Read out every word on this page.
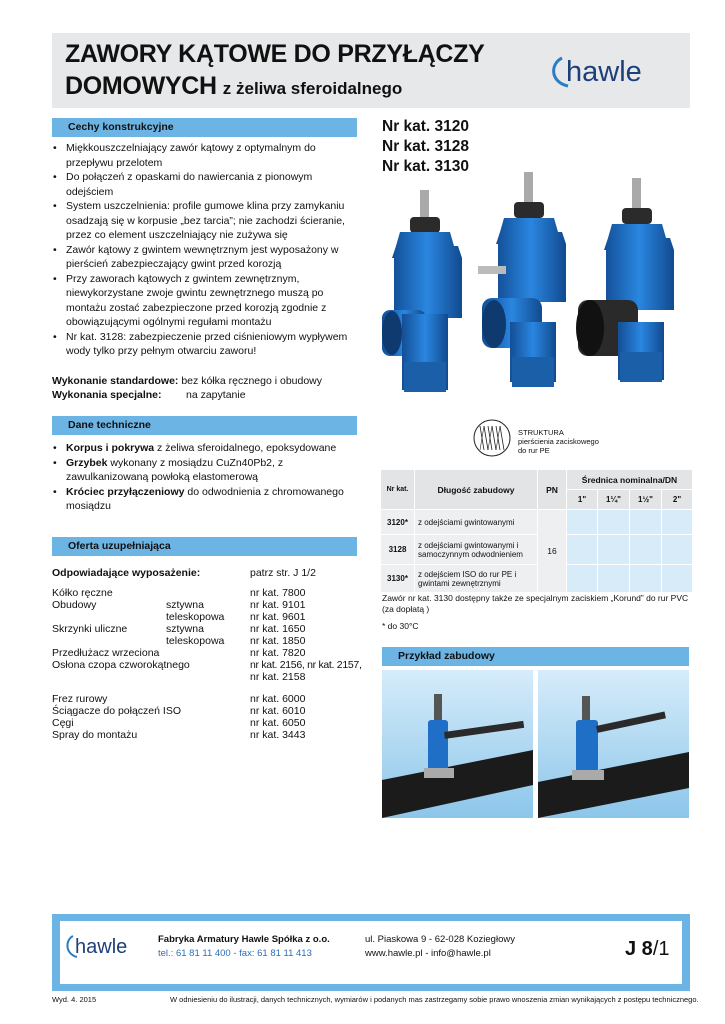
ZAWORY KĄTOWE DO PRZYŁĄCZY
DOMOWYCH z żeliwa sferoidalnego
hawle
Nr kat. 3120
Nr kat. 3128
Nr kat. 3130
Cechy konstrukcyjne
• Miękkouszczelniający zawór kątowy z optymalnym do przepływu przelotem
• Do połączeń z opaskami do nawiercania z pionowym odejściem
• System uszczelnienia: profile gumowe klina przy zamykaniu osadzają się w korpusie „bez tarcia”; nie zachodzi ścieranie, przez co element uszczelniający nie zużywa się
• Zawór kątowy z gwintem wewnętrznym jest wyposażony w pierścień zabezpieczający gwint przed korozją
• Przy zaworach kątowych z gwintem zewnętrznym, niewykorzystane zwoje gwintu zewnętrznego muszą po montażu zostać zabezpieczone przed korozją zgodnie z obowiązującymi ogólnymi regułami montażu
• Nr kat. 3128: zabezpieczenie przed ciśnieniowym wypływem wody tylko przy pełnym otwarciu zaworu!
Wykonanie standardowe: bez kółka ręcznego i obudowy
Wykonania specjalne: na zapytanie
Dane techniczne
• Korpus i pokrywa z żeliwa sferoidalnego, epoksydowane
• Grzybek wykonany z mosiądzu CuZn40Pb2, z zawulkanizowaną powłoką elastomerową
• Króciec przyłączeniowy do odwodnienia z chromowanego mosiądzu
Oferta uzupełniająca
Odpowiadające wyposażenie:	patrz str. J 1/2
Kółko ręczne	nr kat. 7800
Obudowy	sztywna	nr kat. 9101
teleskopowa nr kat. 9601
Skrzynki uliczne	sztywna	nr kat. 1650
teleskopowa nr kat. 1850
Przedłużacz wrzeciona	nr kat. 7820
Osłona czopa czworokątnego	nr kat. 2156, nr kat. 2157,
nr kat. 2158
Frez rurowy	nr kat. 6000
Ściągacze do połączeń ISO	nr kat. 6010
Cęgi	nr kat. 6050
Spray do montażu	nr kat. 3443
STRUKTURA
pierścienia zaciskowego
do rur PE
Nr kat.	Długość zabudowy	PN	Średnica nominalna/DN			
			1"	1¼"	1½"	2"
3120*	z odejściami gwintowanymi	16				
3128	z odejściami gwintowanymi i samoczynnym odwodnieniem					
3130*	z odejściem ISO do rur PE i gwintami zewnętrznymi					
Zawór nr kat. 3130 dostępny także ze specjalnym zaciskiem „Korund” do rur PVC (za dopłatą )
* do 30°C
Przykład zabudowy
hawle	Fabryka Armatury Hawle Spółka z o.o.
tel.: 61 81 11 400 - fax: 61 81 11 413
ul. Piaskowa 9 - 62-028 Koziegłowy
www.hawle.pl - info@hawle.pl	J 8/1
Wyd. 4. 2015	W odniesieniu do ilustracji, danych technicznych, wymiarów i podanych mas zastrzegamy sobie prawo wnoszenia zmian wynikających z postępu technicznego.
